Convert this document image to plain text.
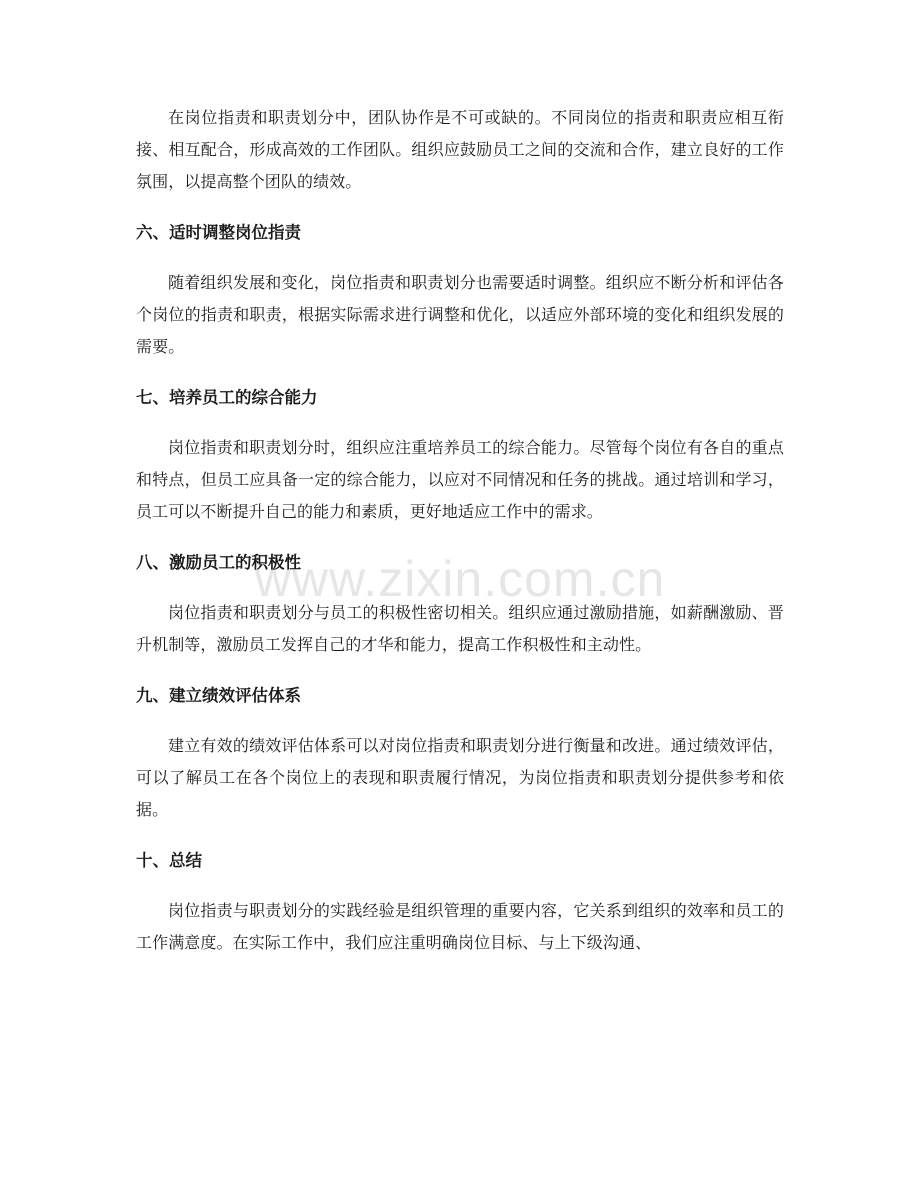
在岗位指责和职责划分中，团队协作是不可或缺的。不同岗位的指责和职责应相互衔接、相互配合，形成高效的工作团队。组织应鼓励员工之间的交流和合作，建立良好的工作氛围，以提高整个团队的绩效。

六、适时调整岗位指责

随着组织发展和变化，岗位指责和职责划分也需要适时调整。组织应不断分析和评估各个岗位的指责和职责，根据实际需求进行调整和优化，以适应外部环境的变化和组织发展的需要。

七、培养员工的综合能力

岗位指责和职责划分时，组织应注重培养员工的综合能力。尽管每个岗位有各自的重点和特点，但员工应具备一定的综合能力，以应对不同情况和任务的挑战。通过培训和学习，员工可以不断提升自己的能力和素质，更好地适应工作中的需求。

八、激励员工的积极性

岗位指责和职责划分与员工的积极性密切相关。组织应通过激励措施，如薪酬激励、晋升机制等，激励员工发挥自己的才华和能力，提高工作积极性和主动性。

九、建立绩效评估体系

建立有效的绩效评估体系可以对岗位指责和职责划分进行衡量和改进。通过绩效评估，可以了解员工在各个岗位上的表现和职责履行情况，为岗位指责和职责划分提供参考和依据。

十、总结

岗位指责与职责划分的实践经验是组织管理的重要内容，它关系到组织的效率和员工的工作满意度。在实际工作中，我们应注重明确岗位目标、与上下级沟通、

www.zixin.com.cn
